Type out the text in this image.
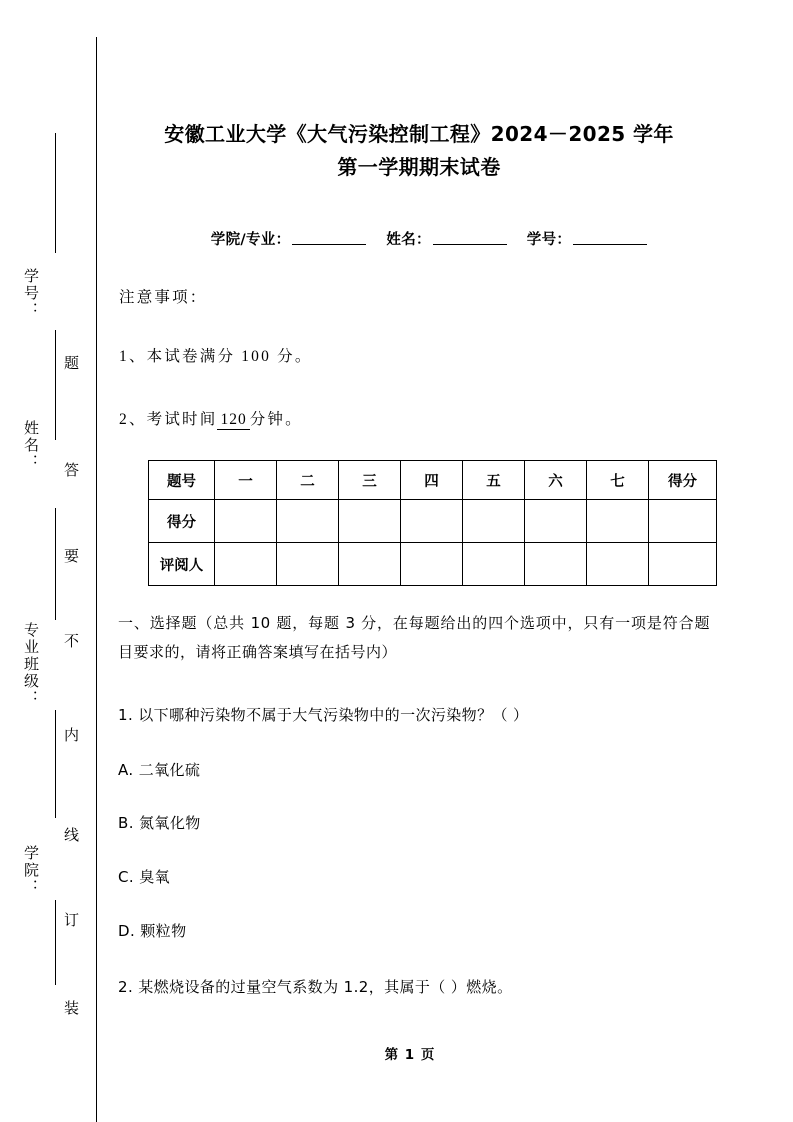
学号：
姓名：
专业班级：
学院：
题
答
要
不
内
线
订
装
安徽工业大学《大气污染控制工程》2024－2025 学年
第一学期期末试卷
学院/专业：	姓名：	学号：
注意事项：
1、本试卷满分 100 分。
2、考试时间 120 分钟。
题号	一	二	三	四	五	六	七	得分
得分								
评阅人								
一、选择题（总共 10 题，每题 3 分，在每题给出的四个选项中，只有一项是符合题目要求的，请将正确答案填写在括号内）
1. 以下哪种污染物不属于大气污染物中的一次污染物？（ ）
A. 二氧化硫
B. 氮氧化物
C. 臭氧
D. 颗粒物
2. 某燃烧设备的过量空气系数为 1.2，其属于（ ）燃烧。
第 1 页
